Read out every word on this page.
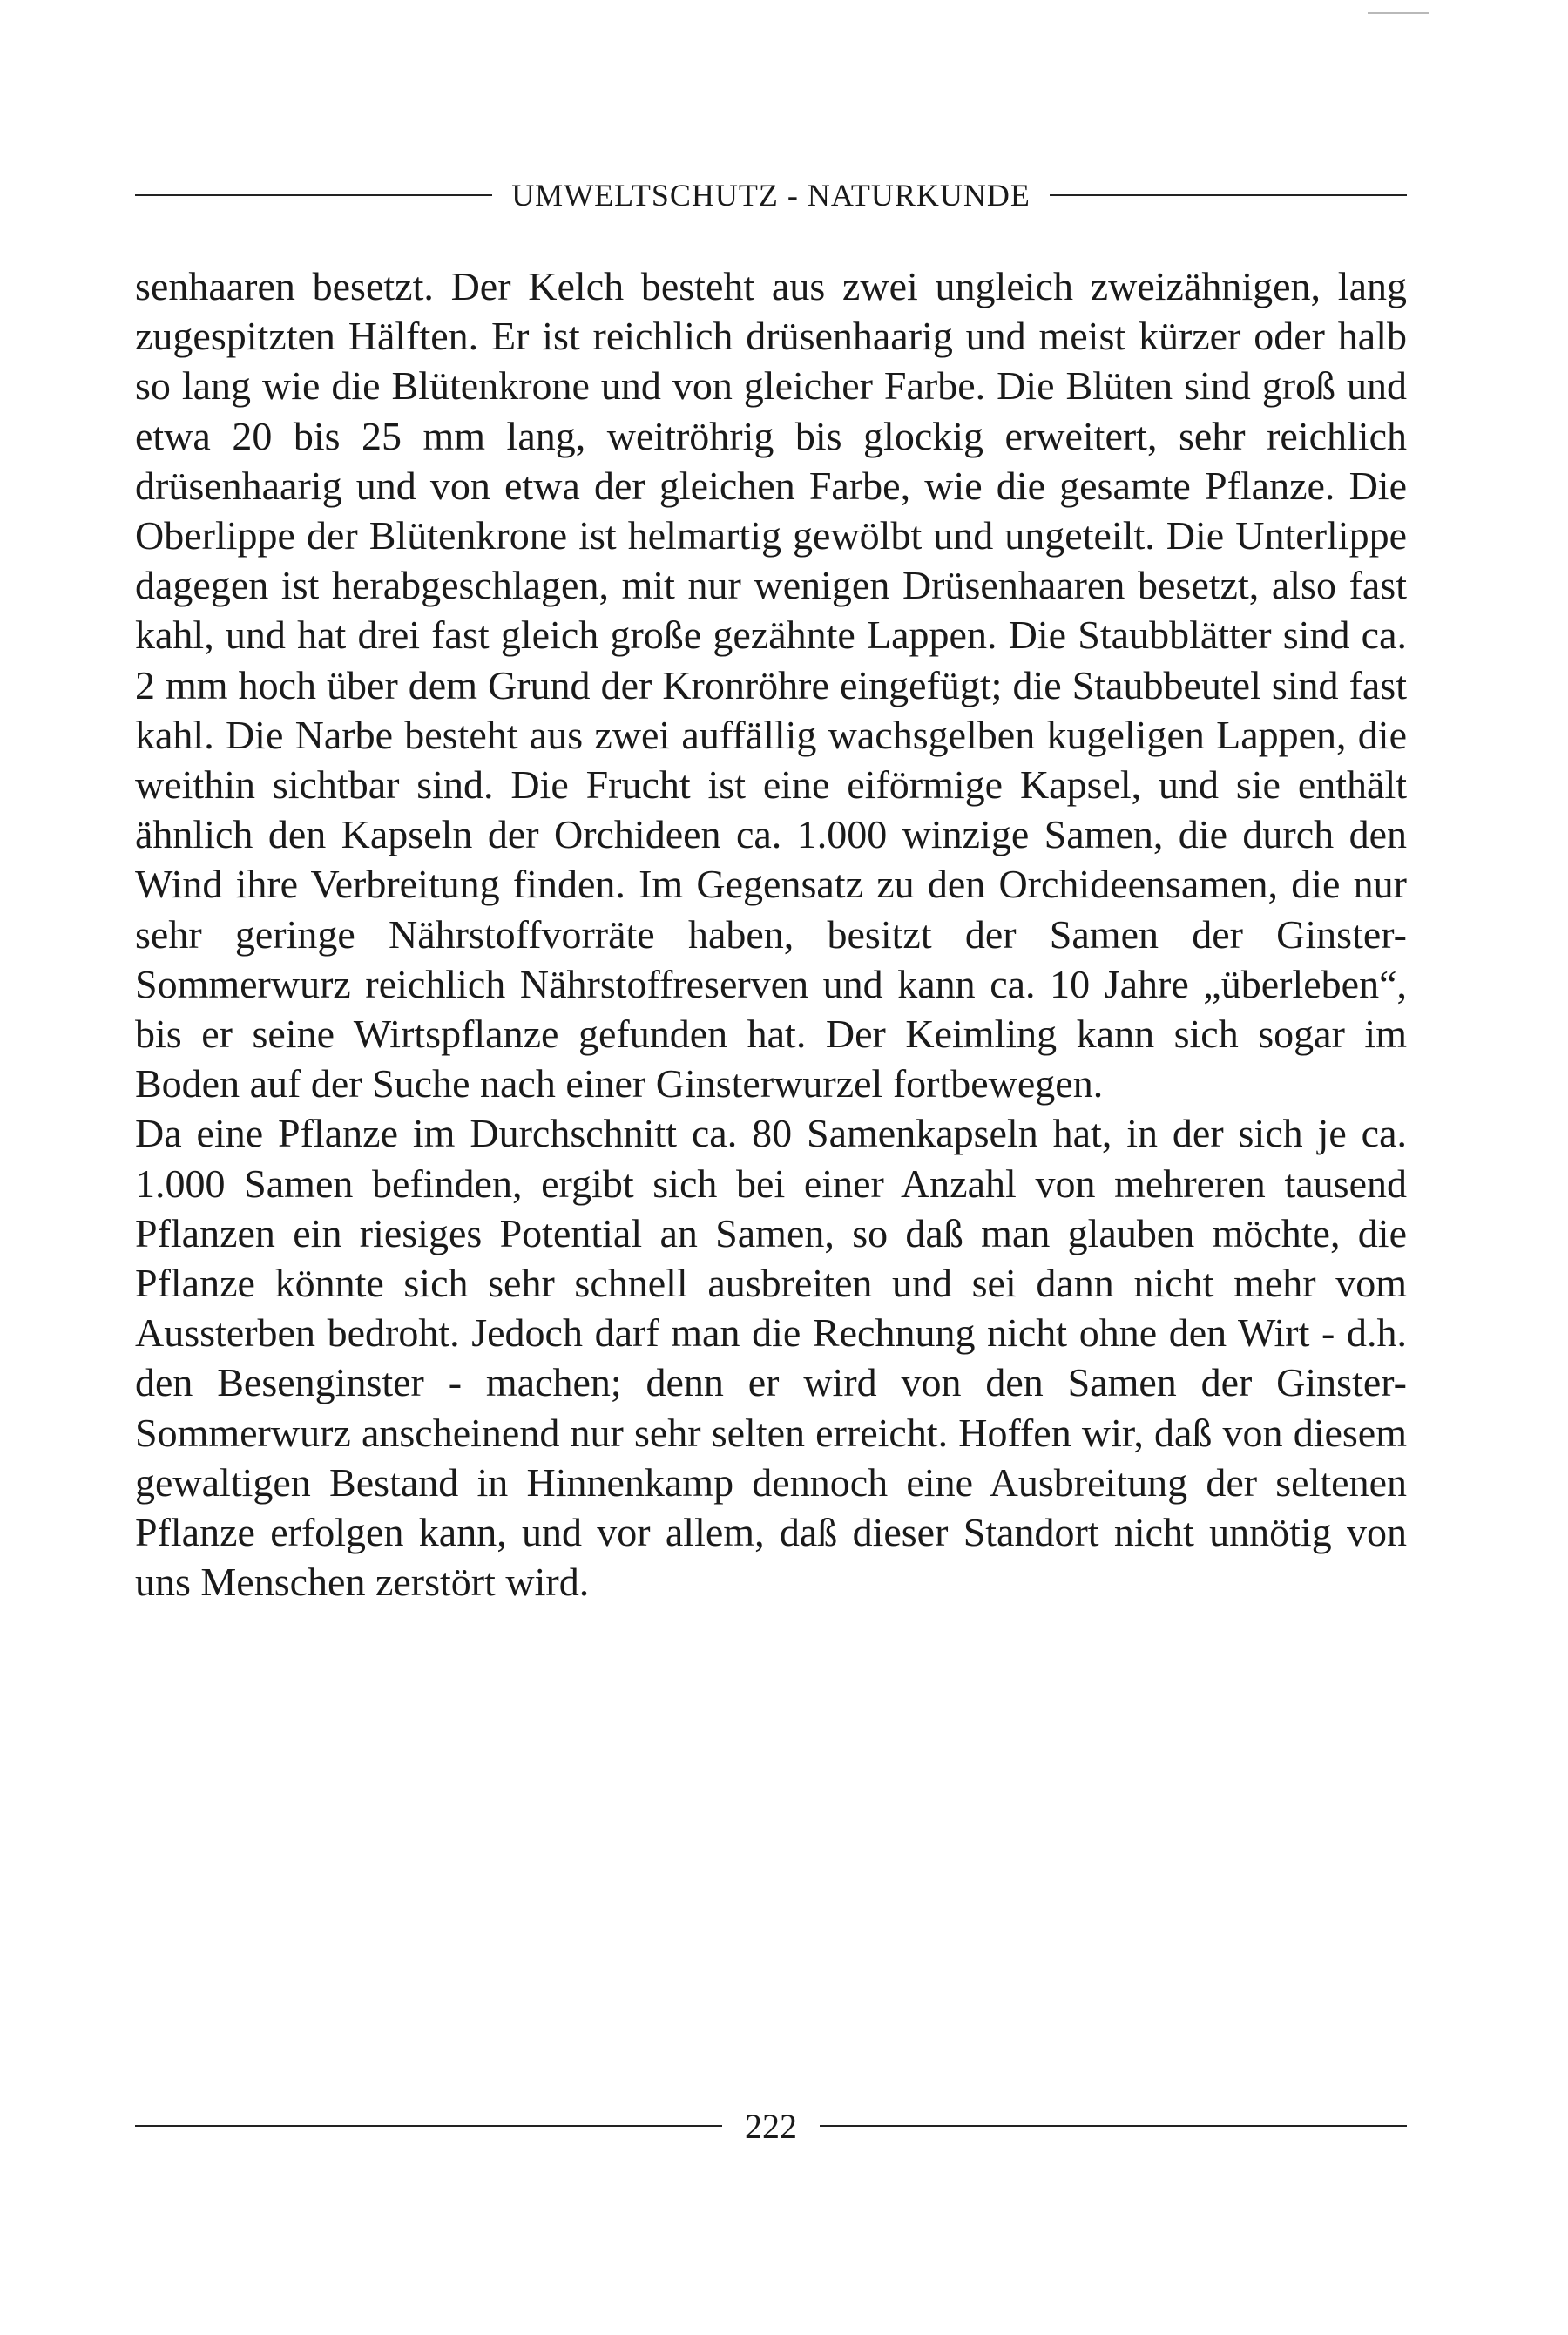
UMWELTSCHUTZ - NATURKUNDE

senhaaren besetzt. Der Kelch besteht aus zwei ungleich zweizähnigen, lang zugespitzten Hälften. Er ist reichlich drüsenhaarig und meist kürzer oder halb so lang wie die Blütenkrone und von gleicher Farbe. Die Blüten sind groß und etwa 20 bis 25 mm lang, weitröhrig bis glockig erweitert, sehr reichlich drüsenhaarig und von etwa der gleichen Farbe, wie die gesamte Pflanze. Die Oberlippe der Blütenkrone ist helmartig gewölbt und ungeteilt. Die Unterlippe dagegen ist herabgeschlagen, mit nur wenigen Drüsenhaaren besetzt, also fast kahl, und hat drei fast gleich große gezähnte Lappen. Die Staubblätter sind ca. 2 mm hoch über dem Grund der Kronröhre eingefügt; die Staubbeutel sind fast kahl. Die Narbe besteht aus zwei auffällig wachsgelben kugeligen Lappen, die weithin sichtbar sind. Die Frucht ist eine eiförmige Kapsel, und sie enthält ähnlich den Kapseln der Orchideen ca. 1.000 winzige Samen, die durch den Wind ihre Verbreitung finden. Im Gegensatz zu den Orchideensamen, die nur sehr geringe Nährstoffvorräte haben, besitzt der Samen der Ginster-Sommerwurz reichlich Nährstoffreserven und kann ca. 10 Jahre „überleben“, bis er seine Wirtspflanze gefunden hat. Der Keimling kann sich sogar im Boden auf der Suche nach einer Ginsterwurzel fortbewegen.

Da eine Pflanze im Durchschnitt ca. 80 Samenkapseln hat, in der sich je ca. 1.000 Samen befinden, ergibt sich bei einer Anzahl von mehreren tausend Pflanzen ein riesiges Potential an Samen, so daß man glauben möchte, die Pflanze könnte sich sehr schnell ausbreiten und sei dann nicht mehr vom Aussterben bedroht. Jedoch darf man die Rechnung nicht ohne den Wirt - d.h. den Besenginster - machen; denn er wird von den Samen der Ginster-Sommerwurz anscheinend nur sehr selten erreicht. Hoffen wir, daß von diesem gewaltigen Bestand in Hinnenkamp dennoch eine Ausbreitung der seltenen Pflanze erfolgen kann, und vor allem, daß dieser Standort nicht unnötig von uns Menschen zerstört wird.

222
